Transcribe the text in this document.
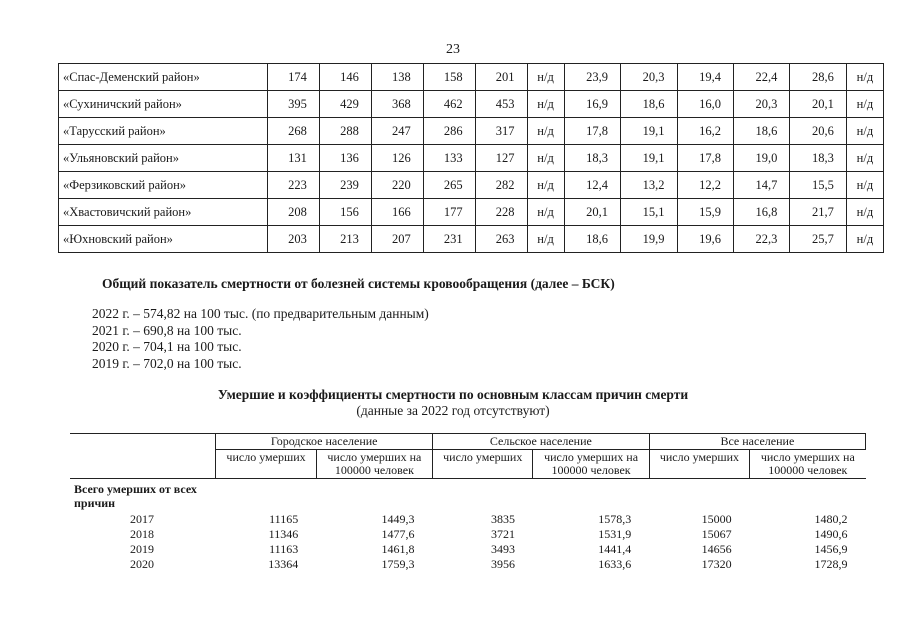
23
«Спас-Деменский район»	174	146	138	158	201	н/д	23,9	20,3	19,4	22,4	28,6	н/д
«Сухиничский район»	395	429	368	462	453	н/д	16,9	18,6	16,0	20,3	20,1	н/д
«Тарусский район»	268	288	247	286	317	н/д	17,8	19,1	16,2	18,6	20,6	н/д
«Ульяновский район»	131	136	126	133	127	н/д	18,3	19,1	17,8	19,0	18,3	н/д
«Ферзиковский район»	223	239	220	265	282	н/д	12,4	13,2	12,2	14,7	15,5	н/д
«Хвастовичский район»	208	156	166	177	228	н/д	20,1	15,1	15,9	16,8	21,7	н/д
«Юхновский район»	203	213	207	231	263	н/д	18,6	19,9	19,6	22,3	25,7	н/д
Общий показатель смертности от болезней системы кровообращения (далее – БСК)
2022 г. – 574,82 на 100 тыс. (по предварительным данным)
2021 г. – 690,8 на 100 тыс.
2020 г. – 704,1 на 100 тыс.
2019 г. – 702,0 на 100 тыс.
Умершие и коэффициенты смертности по основным классам причин смерти
(данные за 2022 год отсутствуют)
	Городское население		Сельское население		Все население	
	число умерших	число умерших на 100000 человек	число умерших	число умерших на 100000 человек	число умерших	число умерших на 100000 человек
Всего умерших от всех причин						
2017	11165	1449,3	3835	1578,3	15000	1480,2
2018	11346	1477,6	3721	1531,9	15067	1490,6
2019	11163	1461,8	3493	1441,4	14656	1456,9
2020	13364	1759,3	3956	1633,6	17320	1728,9
